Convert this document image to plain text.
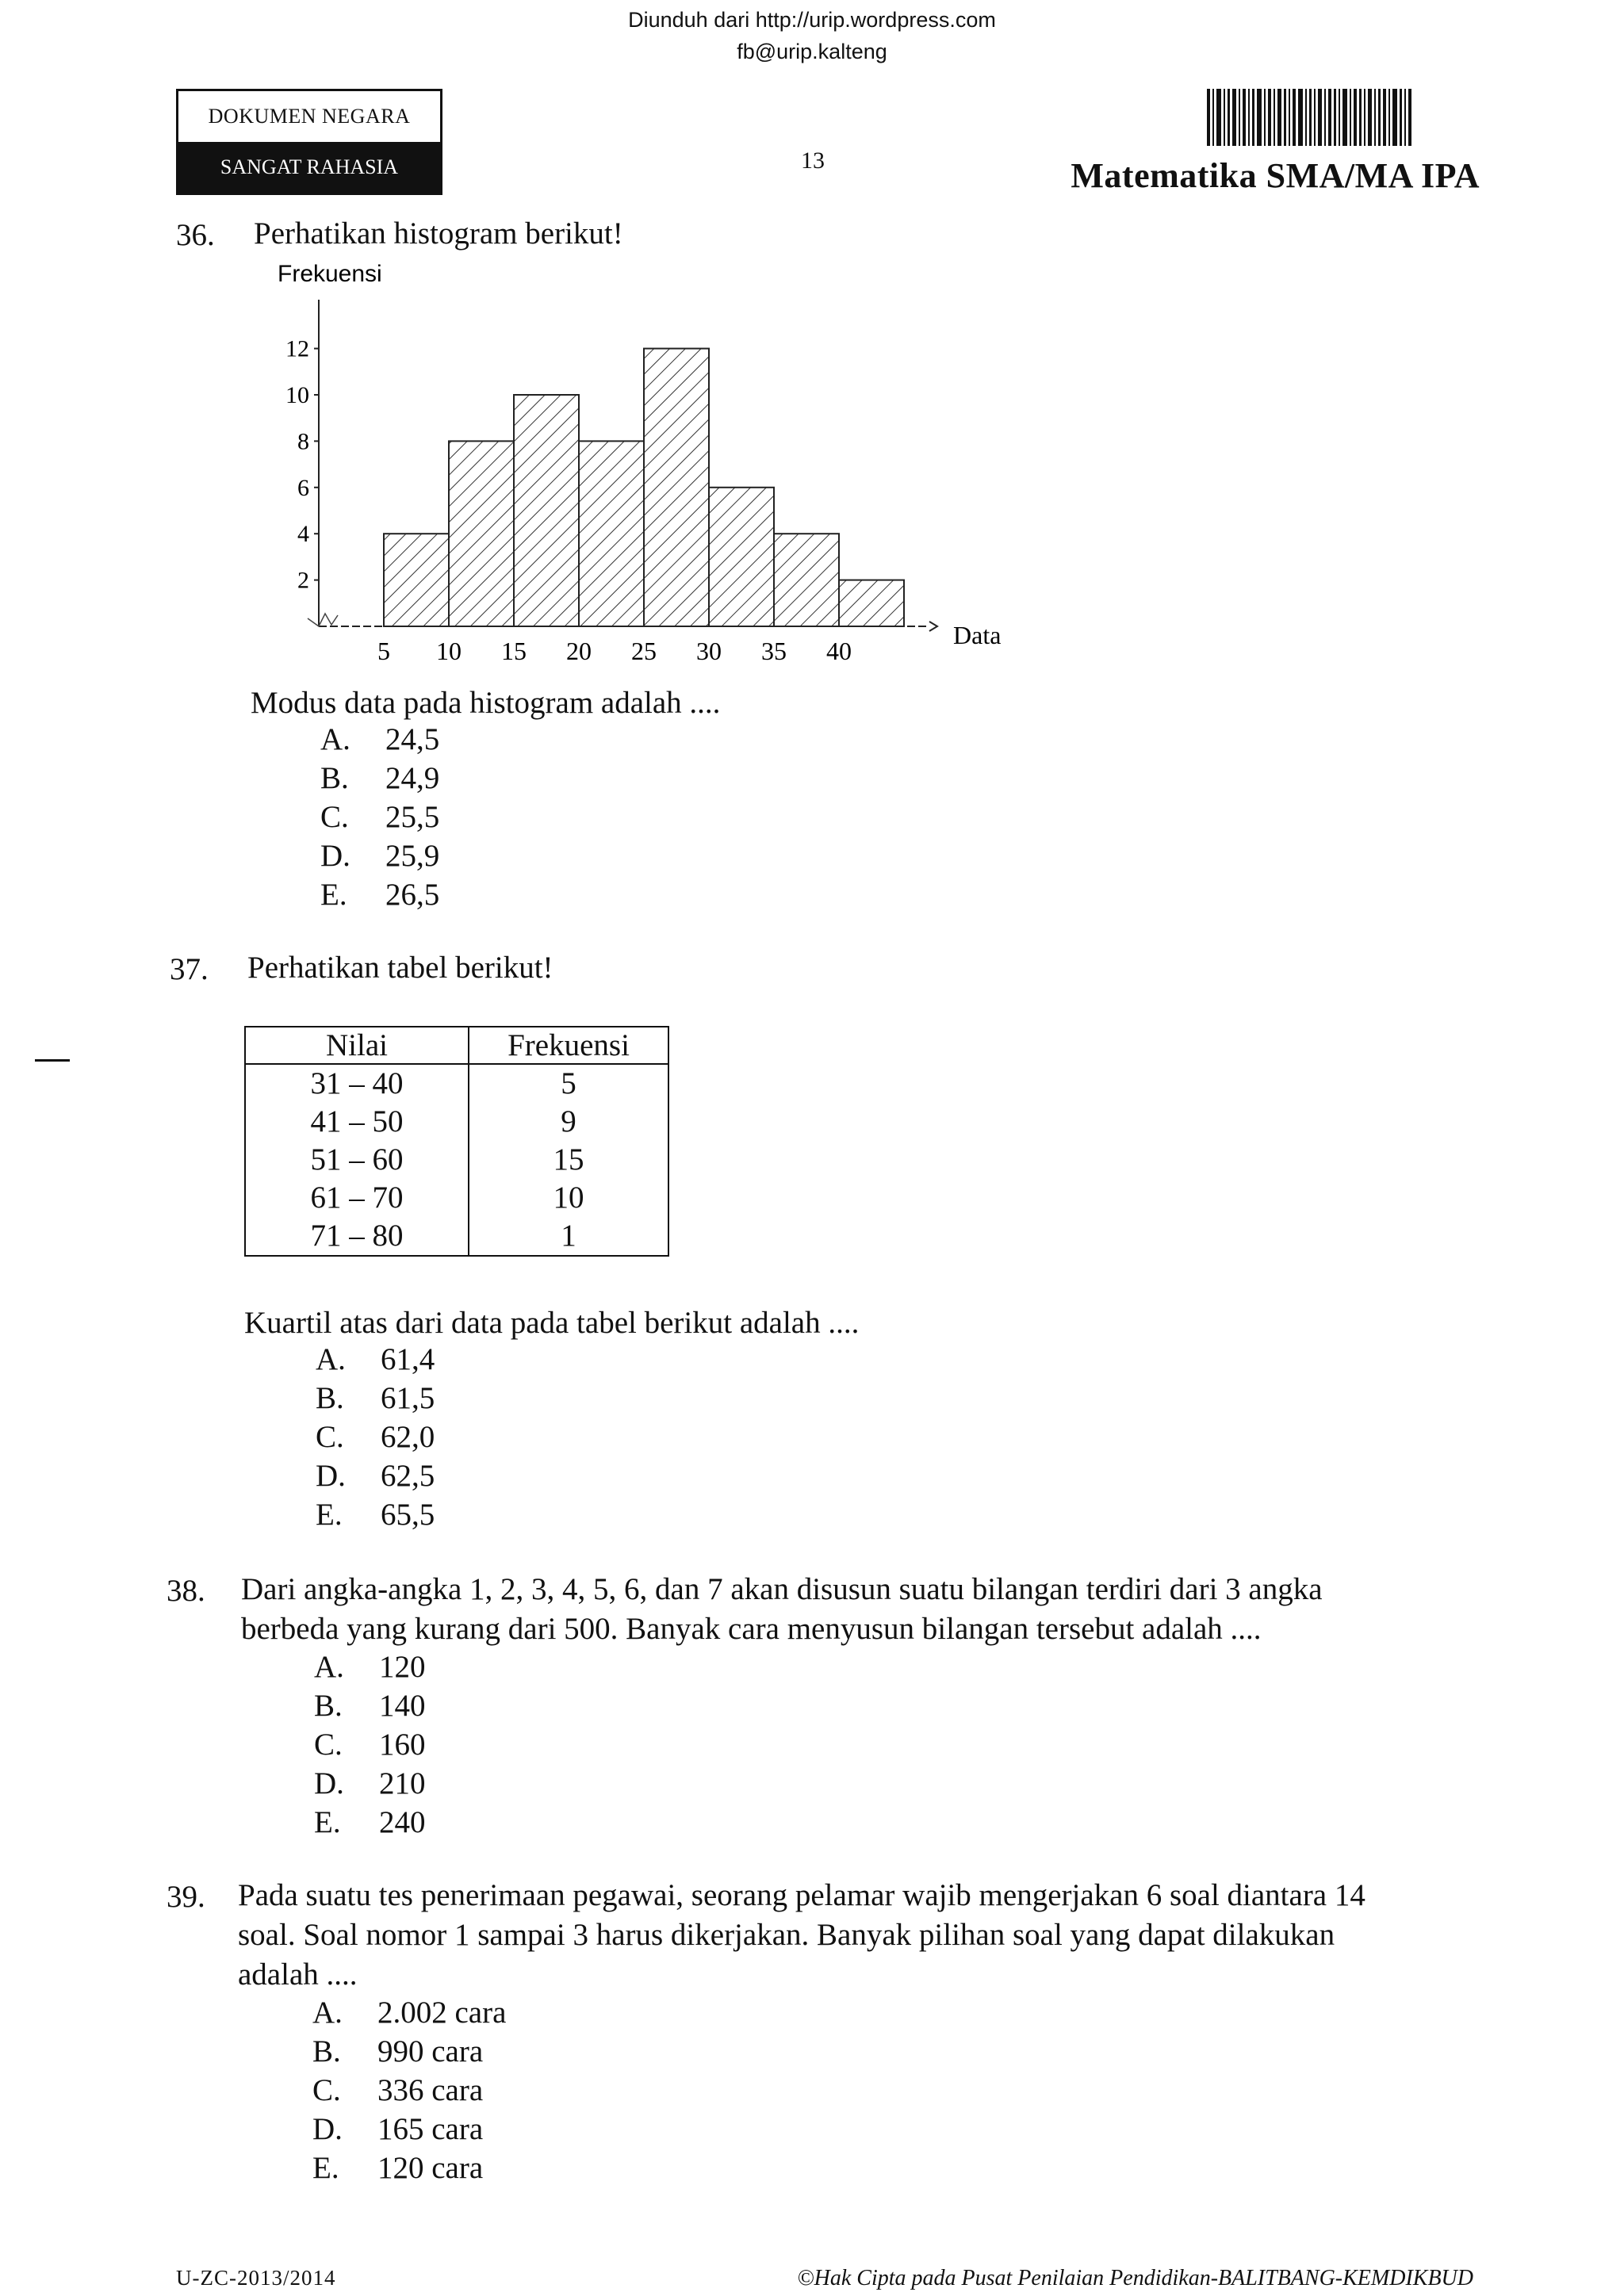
Diunduh dari http://urip.wordpress.com
fb@urip.kalteng
DOKUMEN NEGARA
SANGAT RAHASIA	13	Matematika SMA/MA IPA
36. Perhatikan histogram berikut!
Frekuensi
Data
2
4
6
8
10
12
5 10 15 20 25 30 35 40
Modus data pada histogram adalah ....
A.	24,5
B.	24,9
C.	25,5
D.	25,9
E.	26,5
37. Perhatikan tabel berikut!
Nilai	Frekuensi
31 – 40	5
41 – 50	9
51 – 60	15
61 – 70	10
71 – 80	1
Kuartil atas dari data pada tabel berikut adalah ....
A.	61,4
B.	61,5
C.	62,0
D.	62,5
E.	65,5
38. Dari angka-angka 1, 2, 3, 4, 5, 6, dan 7 akan disusun suatu bilangan terdiri dari 3 angka
berbeda yang kurang dari 500. Banyak cara menyusun bilangan tersebut adalah ....
A.	120
B.	140
C.	160
D.	210
E.	240
39. Pada suatu tes penerimaan pegawai, seorang pelamar wajib mengerjakan 6 soal diantara 14
soal. Soal nomor 1 sampai 3 harus dikerjakan. Banyak pilihan soal yang dapat dilakukan
adalah ....
A.	2.002 cara
B.	990 cara
C.	336 cara
D.	165 cara
E.	120 cara
U-ZC-2013/2014	©Hak Cipta pada Pusat Penilaian Pendidikan-BALITBANG-KEMDIKBUD
